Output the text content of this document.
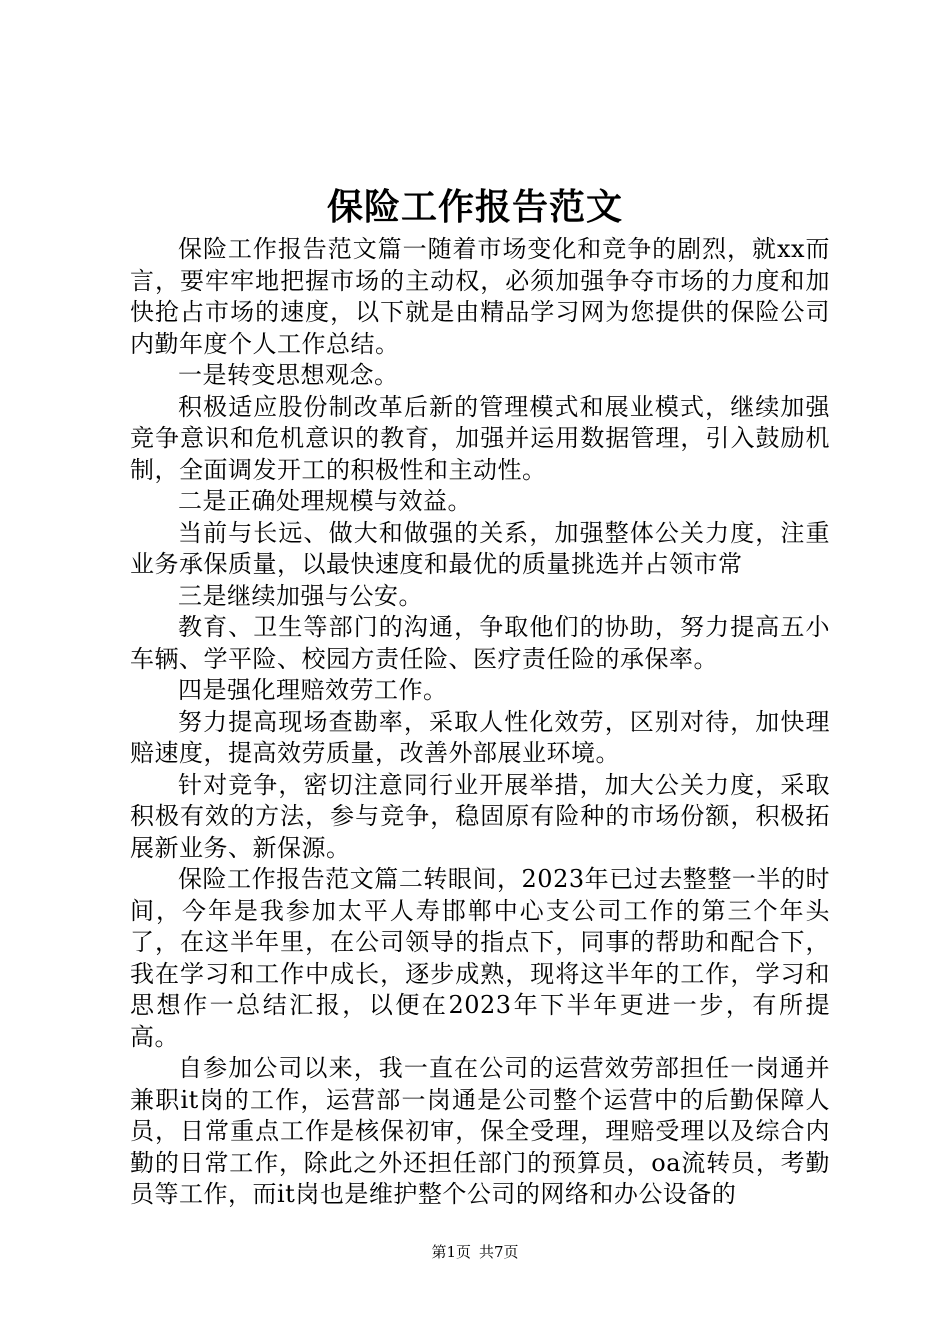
保险工作报告范文

保险工作报告范文篇一随着市场变化和竞争的剧烈，就xx而言，要牢牢地把握市场的主动权，必须加强争夺市场的力度和加快抢占市场的速度，以下就是由精品学习网为您提供的保险公司内勤年度个人工作总结。

一是转变思想观念。

积极适应股份制改革后新的管理模式和展业模式，继续加强竞争意识和危机意识的教育，加强并运用数据管理，引入鼓励机制，全面调发开工的积极性和主动性。

二是正确处理规模与效益。

当前与长远、做大和做强的关系，加强整体公关力度，注重业务承保质量，以最快速度和最优的质量挑选并占领市常

三是继续加强与公安。

教育、卫生等部门的沟通，争取他们的协助，努力提高五小车辆、学平险、校园方责任险、医疗责任险的承保率。

四是强化理赔效劳工作。

努力提高现场查勘率，采取人性化效劳，区别对待，加快理赔速度，提高效劳质量，改善外部展业环境。

针对竞争，密切注意同行业开展举措，加大公关力度，采取积极有效的方法，参与竞争，稳固原有险种的市场份额，积极拓展新业务、新保源。

保险工作报告范文篇二转眼间，2023年已过去整整一半的时间，今年是我参加太平人寿邯郸中心支公司工作的第三个年头了，在这半年里，在公司领导的指点下，同事的帮助和配合下，我在学习和工作中成长，逐步成熟，现将这半年的工作，学习和思想作一总结汇报，以便在2023年下半年更进一步，有所提高。

自参加公司以来，我一直在公司的运营效劳部担任一岗通并兼职it岗的工作，运营部一岗通是公司整个运营中的后勤保障人员，日常重点工作是核保初审，保全受理，理赔受理以及综合内勤的日常工作，除此之外还担任部门的预算员，oa流转员，考勤员等工作，而it岗也是维护整个公司的网络和办公设备的

第1页 共7页
